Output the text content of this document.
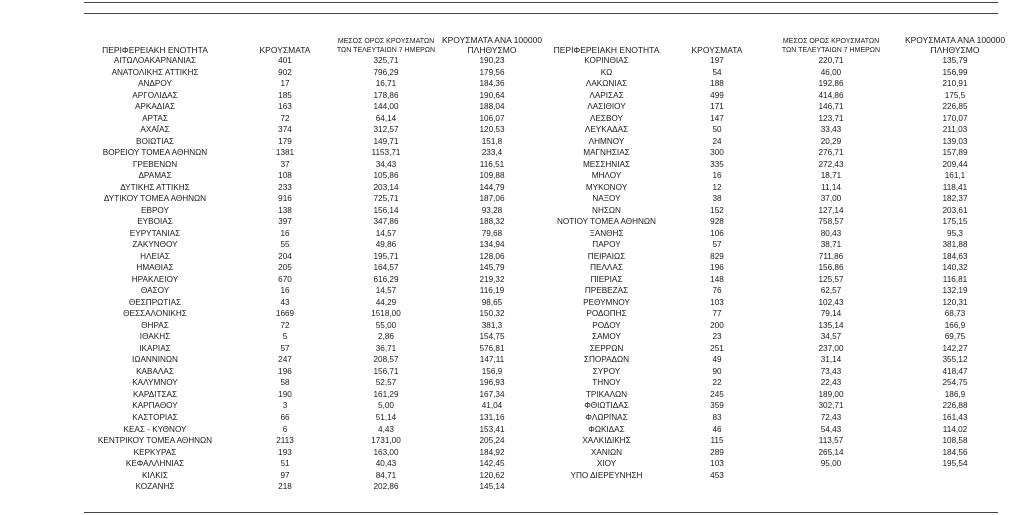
ΠΕΡΙΦΕΡΕΙΑΚΗ ΕΝΟΤΗΤΑ	ΚΡΟΥΣΜΑΤΑ
ΜΕΣΟΣ ΟΡΟΣ ΚΡΟΥΣΜΑΤΩΝ
ΤΩΝ ΤΕΛΕΥΤΑΙΩΝ 7 ΗΜΕΡΩΝ
ΚΡΟΥΣΜΑΤΑ ΑΝΑ 100000
ΠΛΗΘΥΣΜΟ
ΑΙΤΩΛΟΑΚΑΡΝΑΝΙΑΣ	401	325,71	190,23
ΑΝΑΤΟΛΙΚΗΣ ΑΤΤΙΚΗΣ	902	796,29	179,56
ΑΝΔΡΟΥ	17	16,71	184,36
ΑΡΓΟΛΙΔΑΣ	185	178,86	190,64
ΑΡΚΑΔΙΑΣ	163	144,00	188,04
ΑΡΤΑΣ	72	64,14	106,07
ΑΧΑΪΑΣ	374	312,57	120,53
ΒΟΙΩΤΙΑΣ	179	149,71	151,8
ΒΟΡΕΙΟΥ ΤΟΜΕΑ ΑΘΗΝΩΝ	1381	1153,71	233,4
ΓΡΕΒΕΝΩΝ	37	34,43	116,51
ΔΡΑΜΑΣ	108	105,86	109,88
ΔΥΤΙΚΗΣ ΑΤΤΙΚΗΣ	233	203,14	144,79
ΔΥΤΙΚΟΥ ΤΟΜΕΑ ΑΘΗΝΩΝ	916	725,71	187,06
ΕΒΡΟΥ	138	156,14	93,28
ΕΥΒΟΙΑΣ	397	347,86	188,32
ΕΥΡΥΤΑΝΙΑΣ	16	14,57	79,68
ΖΑΚΥΝΘΟΥ	55	49,86	134,94
ΗΛΕΙΑΣ	204	195,71	128,06
ΗΜΑΘΙΑΣ	205	164,57	145,79
ΗΡΑΚΛΕΙΟΥ	670	616,29	219,32
ΘΑΣΟΥ	16	14,57	116,19
ΘΕΣΠΡΩΤΙΑΣ	43	44,29	98,65
ΘΕΣΣΑΛΟΝΙΚΗΣ	1669	1518,00	150,32
ΘΗΡΑΣ	72	55,00	381,3
ΙΘΑΚΗΣ	5	2,86	154,75
ΙΚΑΡΙΑΣ	57	36,71	576,81
ΙΩΑΝΝΙΝΩΝ	247	208,57	147,11
ΚΑΒΑΛΑΣ	196	156,71	156,9
ΚΑΛΥΜΝΟΥ	58	52,57	196,93
ΚΑΡΔΙΤΣΑΣ	190	161,29	167,34
ΚΑΡΠΑΘΟΥ	3	5,00	41,04
ΚΑΣΤΟΡΙΑΣ	66	51,14	131,16
ΚΕΑΣ - ΚΥΘΝΟΥ	6	4,43	153,41
ΚΕΝΤΡΙΚΟΥ ΤΟΜΕΑ ΑΘΗΝΩΝ	2113	1731,00	205,24
ΚΕΡΚΥΡΑΣ	193	163,00	184,92
ΚΕΦΑΛΛΗΝΙΑΣ	51	40,43	142,45
ΚΙΛΚΙΣ	97	84,71	120,62
ΚΟΖΑΝΗΣ	218	202,86	145,14
ΠΕΡΙΦΕΡΕΙΑΚΗ ΕΝΟΤΗΤΑ	ΚΡΟΥΣΜΑΤΑ
ΜΕΣΟΣ ΟΡΟΣ ΚΡΟΥΣΜΑΤΩΝ
ΤΩΝ ΤΕΛΕΥΤΑΙΩΝ 7 ΗΜΕΡΩΝ
ΚΡΟΥΣΜΑΤΑ ΑΝΑ 100000
ΠΛΗΘΥΣΜΟ
ΚΟΡΙΝΘΙΑΣ	197	220,71	135,79
ΚΩ	54	46,00	156,99
ΛΑΚΩΝΙΑΣ	188	192,86	210,91
ΛΑΡΙΣΑΣ	499	414,86	175,5
ΛΑΣΙΘΙΟΥ	171	146,71	226,85
ΛΕΣΒΟΥ	147	123,71	170,07
ΛΕΥΚΑΔΑΣ	50	33,43	211,03
ΛΗΜΝΟΥ	24	20,29	139,03
ΜΑΓΝΗΣΙΑΣ	300	276,71	157,89
ΜΕΣΣΗΝΙΑΣ	335	272,43	209,44
ΜΗΛΟΥ	16	18,71	161,1
ΜΥΚΟΝΟΥ	12	11,14	118,41
ΝΑΞΟΥ	38	37,00	182,37
ΝΗΣΩΝ	152	127,14	203,61
ΝΟΤΙΟΥ ΤΟΜΕΑ ΑΘΗΝΩΝ	928	758,57	175,15
ΞΑΝΘΗΣ	106	80,43	95,3
ΠΑΡΟΥ	57	38,71	381,88
ΠΕΙΡΑΙΩΣ	829	711,86	184,63
ΠΕΛΛΑΣ	196	156,86	140,32
ΠΙΕΡΙΑΣ	148	125,57	116,81
ΠΡΕΒΕΖΑΣ	76	62,57	132,19
ΡΕΘΥΜΝΟΥ	103	102,43	120,31
ΡΟΔΟΠΗΣ	77	79,14	68,73
ΡΟΔΟΥ	200	135,14	166,9
ΣΑΜΟΥ	23	34,57	69,75
ΣΕΡΡΩΝ	251	237,00	142,27
ΣΠΟΡΑΔΩΝ	49	31,14	355,12
ΣΥΡΟΥ	90	73,43	418,47
ΤΗΝΟΥ	22	22,43	254,75
ΤΡΙΚΑΛΩΝ	245	189,00	186,9
ΦΘΙΩΤΙΔΑΣ	359	302,71	226,88
ΦΛΩΡΙΝΑΣ	83	72,43	161,43
ΦΩΚΙΔΑΣ	46	54,43	114,02
ΧΑΛΚΙΔΙΚΗΣ	115	113,57	108,58
ΧΑΝΙΩΝ	289	265,14	184,56
ΧΙΟΥ	103	95,00	195,54
ΥΠΟ ΔΙΕΡΕΥΝΗΣΗ	453
